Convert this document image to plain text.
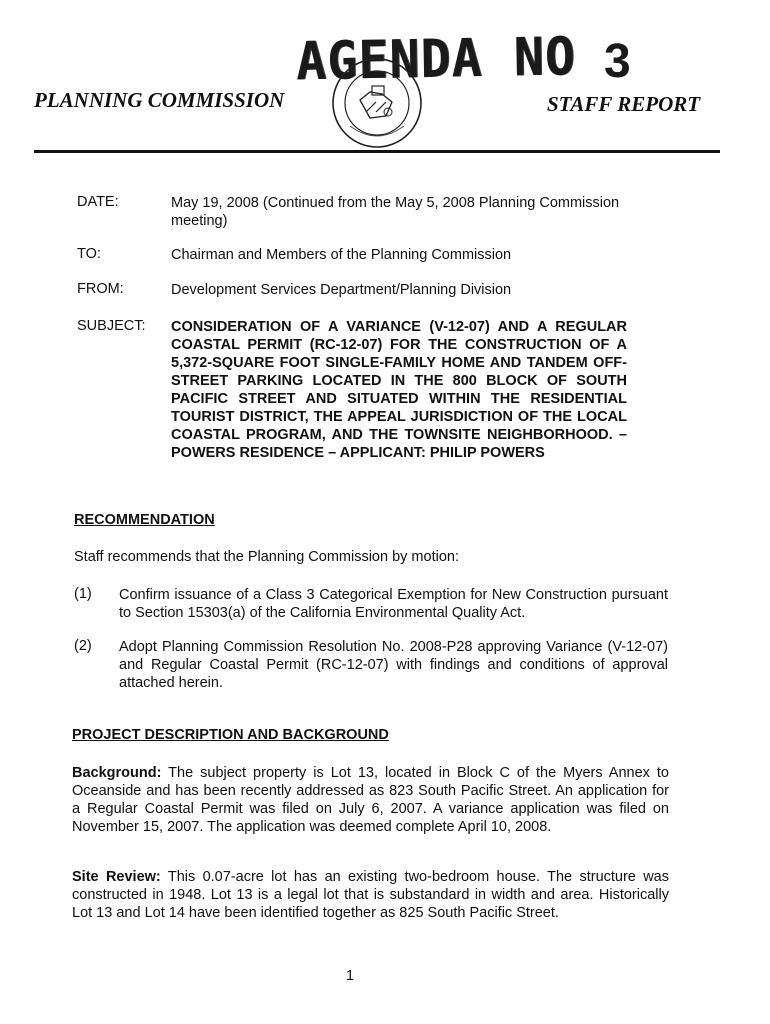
AGENDA NO 3
PLANNING COMMISSION	STAFF REPORT
DATE:	May 19, 2008 (Continued from the May 5, 2008 Planning Commission meeting)
TO:	Chairman and Members of the Planning Commission
FROM:	Development Services Department/Planning Division
SUBJECT: CONSIDERATION OF A VARIANCE (V-12-07) AND A REGULAR COASTAL PERMIT (RC-12-07) FOR THE CONSTRUCTION OF A 5,372-SQUARE FOOT SINGLE-FAMILY HOME AND TANDEM OFF-STREET PARKING LOCATED IN THE 800 BLOCK OF SOUTH PACIFIC STREET AND SITUATED WITHIN THE RESIDENTIAL TOURIST DISTRICT, THE APPEAL JURISDICTION OF THE LOCAL COASTAL PROGRAM, AND THE TOWNSITE NEIGHBORHOOD. – POWERS RESIDENCE – APPLICANT: PHILIP POWERS
RECOMMENDATION
Staff recommends that the Planning Commission by motion:
(1) Confirm issuance of a Class 3 Categorical Exemption for New Construction pursuant to Section 15303(a) of the California Environmental Quality Act.
(2) Adopt Planning Commission Resolution No. 2008-P28 approving Variance (V-12-07) and Regular Coastal Permit (RC-12-07) with findings and conditions of approval attached herein.
PROJECT DESCRIPTION AND BACKGROUND
Background: The subject property is Lot 13, located in Block C of the Myers Annex to Oceanside and has been recently addressed as 823 South Pacific Street. An application for a Regular Coastal Permit was filed on July 6, 2007. A variance application was filed on November 15, 2007. The application was deemed complete April 10, 2008.
Site Review: This 0.07-acre lot has an existing two-bedroom house. The structure was constructed in 1948. Lot 13 is a legal lot that is substandard in width and area. Historically Lot 13 and Lot 14 have been identified together as 825 South Pacific Street.
1
